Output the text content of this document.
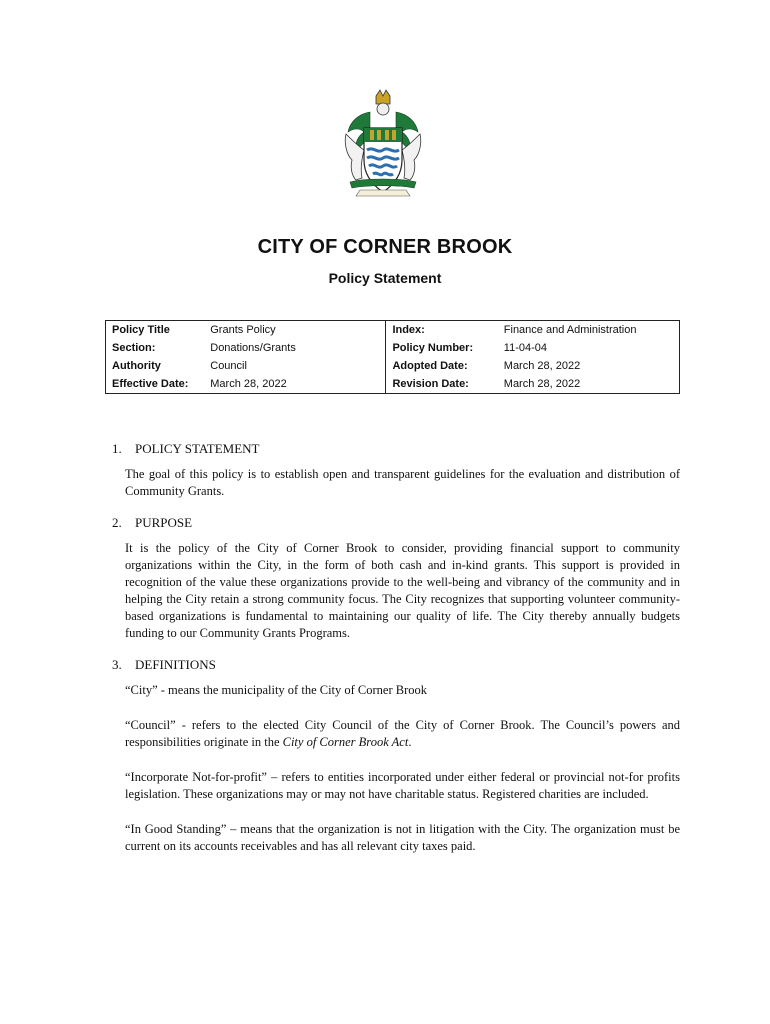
CITY OF CORNER BROOK
Policy Statement
Policy Title	Grants Policy	Index:	Finance and Administration
Section:	Donations/Grants	Policy Number:	11-04-04
Authority	Council	Adopted Date:	March 28, 2022
Effective Date:	March 28, 2022	Revision Date:	March 28, 2022

1. POLICY STATEMENT

The goal of this policy is to establish open and transparent guidelines for the evaluation and distribution of Community Grants.

2. PURPOSE

It is the policy of the City of Corner Brook to consider, providing financial support to community organizations within the City, in the form of both cash and in-kind grants. This support is provided in recognition of the value these organizations provide to the well-being and vibrancy of the community and in helping the City retain a strong community focus. The City recognizes that supporting volunteer community-based organizations is fundamental to maintaining our quality of life. The City thereby annually budgets funding to our Community Grants Programs.

3. DEFINITIONS

“City” - means the municipality of the City of Corner Brook

“Council” - refers to the elected City Council of the City of Corner Brook. The Council’s powers and responsibilities originate in the City of Corner Brook Act.

“Incorporate Not-for-profit” – refers to entities incorporated under either federal or provincial not-for profits legislation. These organizations may or may not have charitable status. Registered charities are included.

“In Good Standing” – means that the organization is not in litigation with the City. The organization must be current on its accounts receivables and has all relevant city taxes paid.
